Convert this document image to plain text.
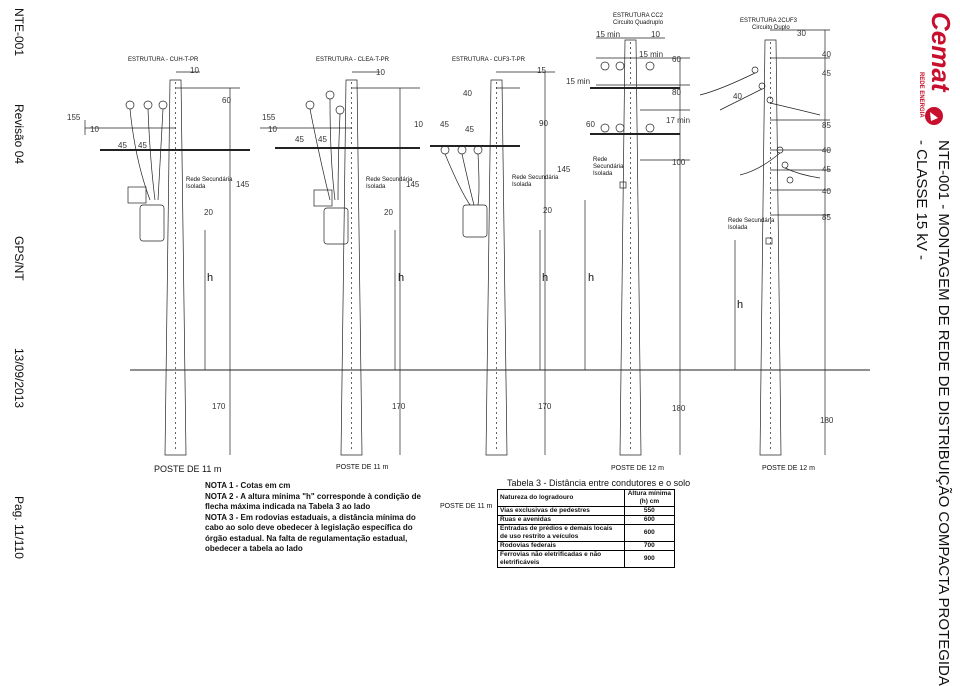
NTE-001
Revisão 04
GPS/NT
13/09/2013
Pag. 11/110
Cemat
REDE ENERGIA
NTE-001 - MONTAGEM DE REDE DE DISTRIBUIÇÃO COMPACTA PROTEGIDA
- CLASSE 15 kV -
ESTRUTURA - CUH-T-PR	ESTRUTURA - CLEA-T-PR	ESTRUTURA - CUF3-T-PR
ESTRUTURA CC2
Circuito Quadruplo	ESTRUTURA 2CUF3
Circuito Duplo
Rede Secundária Isolada
Rede Secundária Isolada
Rede Secundária Isolada
Rede Secundária Isolada
Rede Secundária Isolada
155
10
10
60
45 45
145
20
170
155
10
10
45 45
145
20
170
15
40
90
10 45
45
145
20
170
15 min	10
15 min
15 min
60
80
60	17 min
100
180
30
40
45
40
85
40
45
40
85
180
h	h	h	h
h
POSTE DE 11 m	POSTE DE 11 m
POSTE DE 11 m
POSTE DE 12 m	POSTE DE 12 m
NOTA 1 - Cotas em cm
NOTA 2 - A altura mínima "h" corresponde à condição de flecha máxima indicada na Tabela 3 ao lado
NOTA 3 - Em rodovias estaduais, a distância mínima do cabo ao solo deve obedecer à legislação específica do órgão estadual. Na falta de regulamentação estadual, obedecer a tabela ao lado
Tabela 3 - Distância entre condutores e o solo
Natureza do logradouro	Altura mínima (h) cm
Vias exclusivas de pedestres	550
Ruas e avenidas	600
Entradas de prédios e demais locais de uso restrito a veículos	600
Rodovias federais	700
Ferrovias não eletrificadas e não eletrificáveis	900
